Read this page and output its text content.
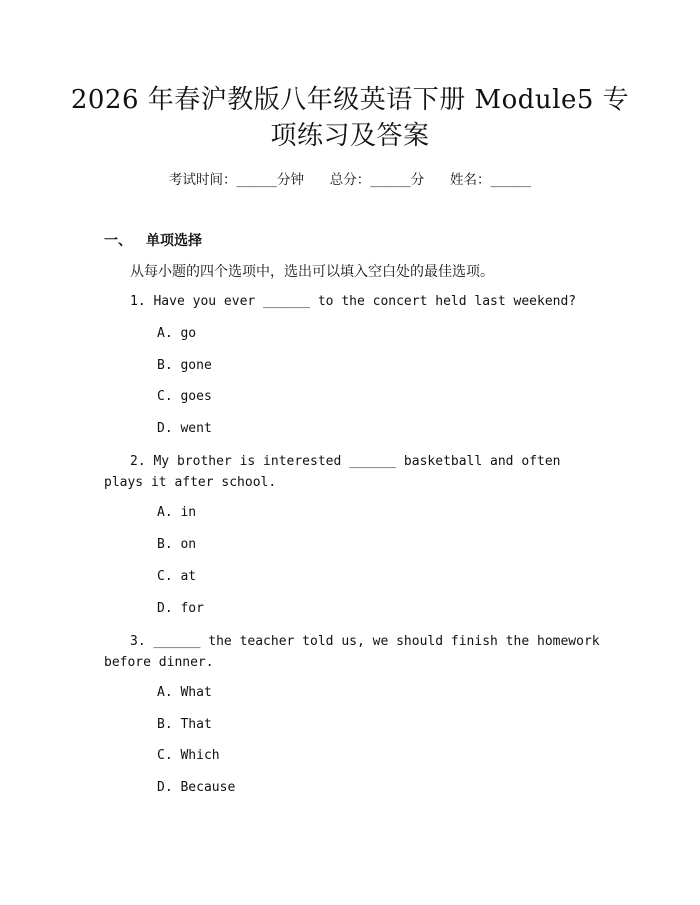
2026 年春沪教版八年级英语下册 Module5 专
项练习及答案
考试时间：______分钟      总分：______分      姓名：______
一、 单项选择
从每小题的四个选项中，选出可以填入空白处的最佳选项。
1. Have you ever ______ to the concert held last weekend?
A. go
B. gone
C. goes
D. went
2. My brother is interested ______ basketball and often plays it after school.
A. in
B. on
C. at
D. for
3. ______ the teacher told us, we should finish the homework before dinner.
A. What
B. That
C. Which
D. Because
